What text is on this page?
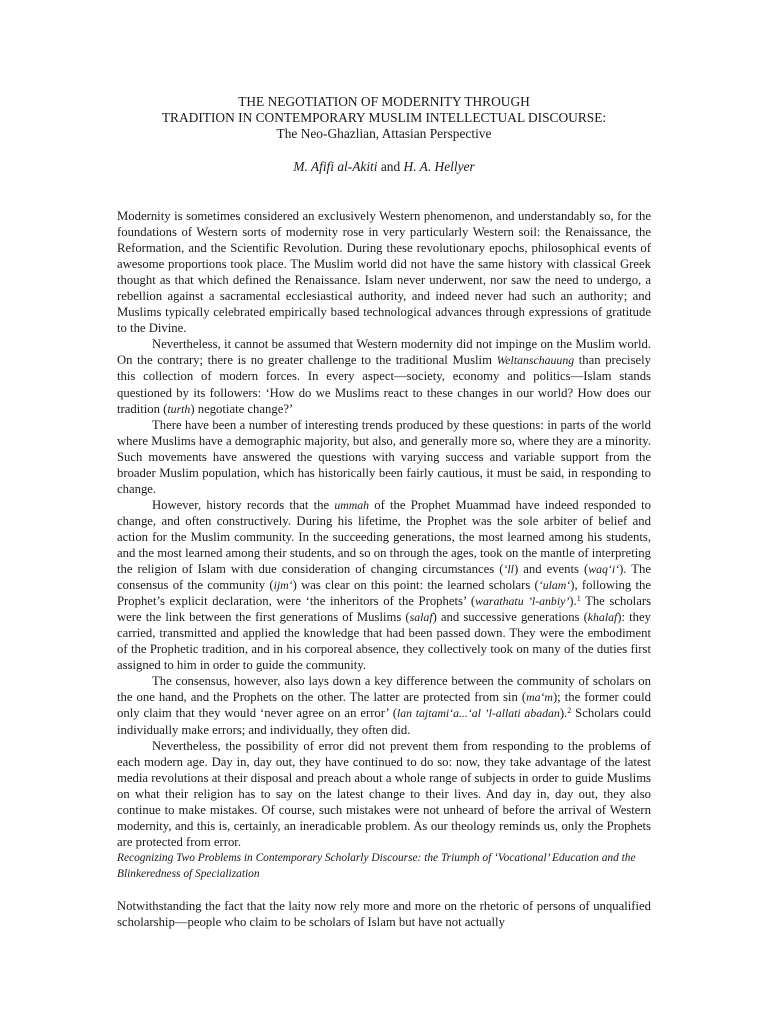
THE NEGOTIATION OF MODERNITY THROUGH
TRADITION IN CONTEMPORARY MUSLIM INTELLECTUAL DISCOURSE:
The Neo-Ghazlian, Attasian Perspective
M. Afifi al-Akiti and H. A. Hellyer

Modernity is sometimes considered an exclusively Western phenomenon, and understandably so, for the foundations of Western sorts of modernity rose in very particularly Western soil: the Renaissance, the Reformation, and the Scientific Revolution. During these revolutionary epochs, philosophical events of awesome proportions took place. The Muslim world did not have the same history with classical Greek thought as that which defined the Renaissance. Islam never underwent, nor saw the need to undergo, a rebellion against a sacramental ecclesiastical authority, and indeed never had such an authority; and Muslims typically celebrated empirically based technological advances through expressions of gratitude to the Divine.

Nevertheless, it cannot be assumed that Western modernity did not impinge on the Muslim world. On the contrary; there is no greater challenge to the traditional Muslim Weltanschauung than precisely this collection of modern forces. In every aspect—society, economy and politics—Islam stands questioned by its followers: ‘How do we Muslims react to these changes in our world? How does our tradition (turth) negotiate change?’

There have been a number of interesting trends produced by these questions: in parts of the world where Muslims have a demographic majority, but also, and generally more so, where they are a minority. Such movements have answered the questions with varying success and variable support from the broader Muslim population, which has historically been fairly cautious, it must be said, in responding to change.

However, history records that the ummah of the Prophet Muammad have indeed responded to change, and often constructively. During his lifetime, the Prophet was the sole arbiter of belief and action for the Muslim community. In the succeeding generations, the most learned among his students, and the most learned among their students, and so on through the ages, took on the mantle of interpreting the religion of Islam with due consideration of changing circumstances (‘ll) and events (waq‘i‘). The consensus of the community (ijm‘) was clear on this point: the learned scholars (‘ulam‘), following the Prophet’s explicit declaration, were ‘the inheritors of the Prophets’ (warathatu ’l-anbiy’).$^1$ The scholars were the link between the first generations of Muslims (salaf) and successive generations (khalaf): they carried, transmitted and applied the knowledge that had been passed down. They were the embodiment of the Prophetic tradition, and in his corporeal absence, they collectively took on many of the duties first assigned to him in order to guide the community.

The consensus, however, also lays down a key difference between the community of scholars on the one hand, and the Prophets on the other. The latter are protected from sin (ma‘m); the former could only claim that they would ‘never agree on an error’ (lan tajtami‘a...‘al ’l-allati abadan).$^2$ Scholars could individually make errors; and individually, they often did.

Nevertheless, the possibility of error did not prevent them from responding to the problems of each modern age. Day in, day out, they have continued to do so: now, they take advantage of the latest media revolutions at their disposal and preach about a whole range of subjects in order to guide Muslims on what their religion has to say on the latest change to their lives. And day in, day out, they also continue to make mistakes. Of course, such mistakes were not unheard of before the arrival of Western modernity, and this is, certainly, an ineradicable problem. As our theology reminds us, only the Prophets are protected from error.

Recognizing Two Problems in Contemporary Scholarly Discourse: the Triumph of ‘Vocational’ Education and the Blinkeredness of Specialization

Notwithstanding the fact that the laity now rely more and more on the rhetoric of persons of unqualified scholarship—people who claim to be scholars of Islam but have not actually
